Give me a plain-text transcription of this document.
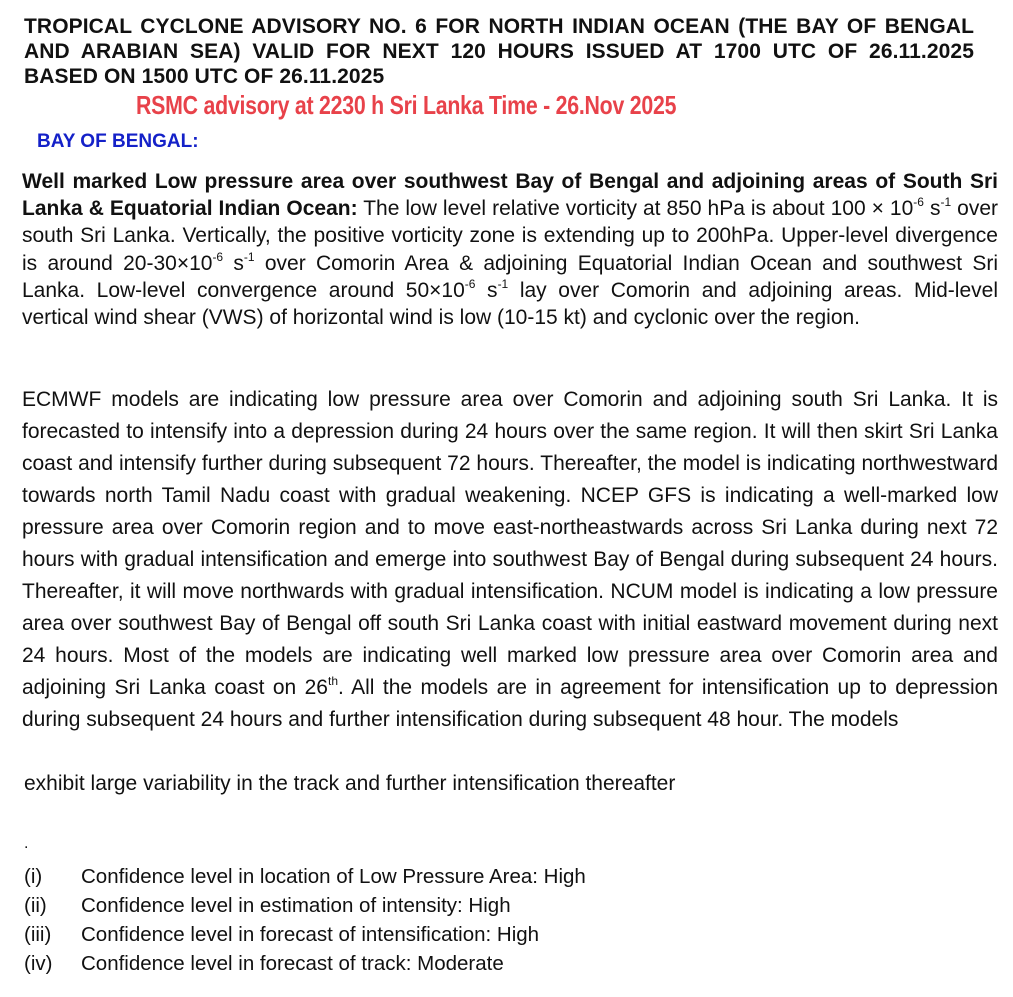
TROPICAL CYCLONE ADVISORY NO. 6 FOR NORTH INDIAN OCEAN (THE BAY OF BENGAL AND ARABIAN SEA) VALID FOR NEXT 120 HOURS ISSUED AT 1700 UTC OF 26.11.2025 BASED ON 1500 UTC OF 26.11.2025
RSMC advisory at 2230 h Sri Lanka Time - 26.Nov 2025
BAY OF BENGAL:
Well marked Low pressure area over southwest Bay of Bengal and adjoining areas of South Sri Lanka & Equatorial Indian Ocean: The low level relative vorticity at 850 hPa is about $100 \times 10^{-6}$ $s^{-1}$ over south Sri Lanka. Vertically, the positive vorticity zone is extending up to 200hPa. Upper-level divergence is around $20-30\times 10^{-6}$ $s^{-1}$ over Comorin Area & adjoining Equatorial Indian Ocean and southwest Sri Lanka. Low-level convergence around $50\times 10^{-6}$ $s^{-1}$ lay over Comorin and adjoining areas. Mid-level vertical wind shear (VWS) of horizontal wind is low (10-15 kt) and cyclonic over the region.
ECMWF models are indicating low pressure area over Comorin and adjoining south Sri Lanka. It is forecasted to intensify into a depression during 24 hours over the same region. It will then skirt Sri Lanka coast and intensify further during subsequent 72 hours. Thereafter, the model is indicating northwestward towards north Tamil Nadu coast with gradual weakening. NCEP GFS is indicating a well-marked low pressure area over Comorin region and to move east-northeastwards across Sri Lanka during next 72 hours with gradual intensification and emerge into southwest Bay of Bengal during subsequent 24 hours. Thereafter, it will move northwards with gradual intensification. NCUM model is indicating a low pressure area over southwest Bay of Bengal off south Sri Lanka coast with initial eastward movement during next 24 hours. Most of the models are indicating well marked low pressure area over Comorin area and adjoining Sri Lanka coast on 26th. All the models are in agreement for intensification up to depression during subsequent 24 hours and further intensification during subsequent 48 hour. The models
exhibit large variability in the track and further intensification thereafter
.
(i)	Confidence level in location of Low Pressure Area: High
(ii)	Confidence level in estimation of intensity: High
(iii)	Confidence level in forecast of intensification: High
(iv)	Confidence level in forecast of track: Moderate
